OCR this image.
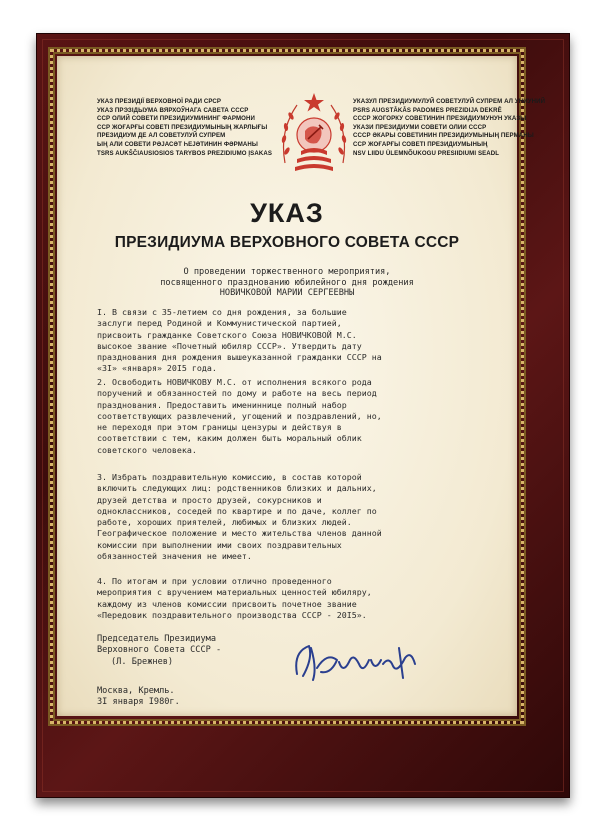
УКАЗ ПРЕЗИДІЇ ВЕРХОВНОЇ РАДИ СРСР
УКАЗ ПРЭЗІДЫУМА ВЯРХОЎНАГА САВЕТА СССР
ССР ОЛИЙ СОВЕТИ ПРЕЗИДИУМИНИНГ ФАРМОНИ
ССР ЖОҒАРҒЫ СОВЕТІ ПРЕЗИДИУМЫНЫҢ ЖАРЛЫҒЫ
ПРЕЗИДИУМ ДЕ АЛ СОВЕТУЛУЙ СУПРЕМ
ЫҢ АЛИ СОВЕТИ РӘЈАСӘТ ҺЕЈӘТИНИН ФӘРМАНЫ
TSRS AUKŠČIAUSIOSIOS TARYBOS PREZIDIUMO ĮSAKAS
УКАЗУЛ ПРЕЗИДИУМУЛУЙ СОВЕТУЛУЙ СУПРЕМ АЛ УНИУНИЙ
PSRS AUGSTĀKĀS PADOMES PREZIDIJA DEKRĒ
СССР ЖОГОРКУ СОВЕТИНИН ПРЕЗИДИУМУНУН УКАЗЫ
УКАЗИ ПРЕЗИДИУМИ СОВЕТИ ОЛИИ СССР
СССР ӘКАРЫ СОВЕТИНИН ПРЕЗИДИУМЫНЫҢ ПЕРМАНЫ
ССР ЖОҒАРҒЫ СОВЕТІ ПРЕЗИДИУМЫНЫҢ
NSV LIIDU ÜLEMNÕUKOGU PRESIIDIUMI SEADL
УКАЗ
ПРЕЗИДИУМА ВЕРХОВНОГО СОВЕТА СССР
О проведении торжественного мероприятия,
посвященного празднованию юбилейного дня рождения
НОВИЧКОВОЙ МАРИИ СЕРГЕЕВНЫ
I. В связи с 35-летием со дня рождения, за большие
заслуги перед Родиной и Коммунистической партией,
присвоить гражданке Советского Союза НОВИЧКОВОЙ М.С.
высокое звание «Почетный юбиляр СССР». Утвердить дату
празднования дня рождения вышеуказанной гражданки СССР на
«3I» «января» 20I5 года.
2. Освободить НОВИЧКОВУ М.С. от исполнения всякого рода
поручений и обязанностей по дому и работе на весь период
празднования. Предоставить имениннице полный набор
соответствующих развлечений, угощений и поздравлений, но,
не переходя при этом границы цензуры и действуя в
соответствии с тем, каким должен быть моральный облик
советского человека.
3. Избрать поздравительную комиссию, в состав которой
включить следующих лиц: родственников близких и дальних,
друзей детства и просто друзей, сокурсников и
одноклассников, соседей по квартире и по даче, коллег по
работе, хороших приятелей, любимых и близких людей.
Географическое положение и место жительства членов данной
комиссии при выполнении ими своих поздравительных
обязанностей значения не имеет.
4. По итогам и при условии отлично проведенного
мероприятия с вручением материальных ценностей юбиляру,
каждому из членов комиссии присвоить почетное звание
«Передовик поздравительного производства СССР - 20I5».
Председатель Президиума
Верховного Совета СССР -
(Л. Брежнев)
Москва, Кремль.
3I января I980г.
